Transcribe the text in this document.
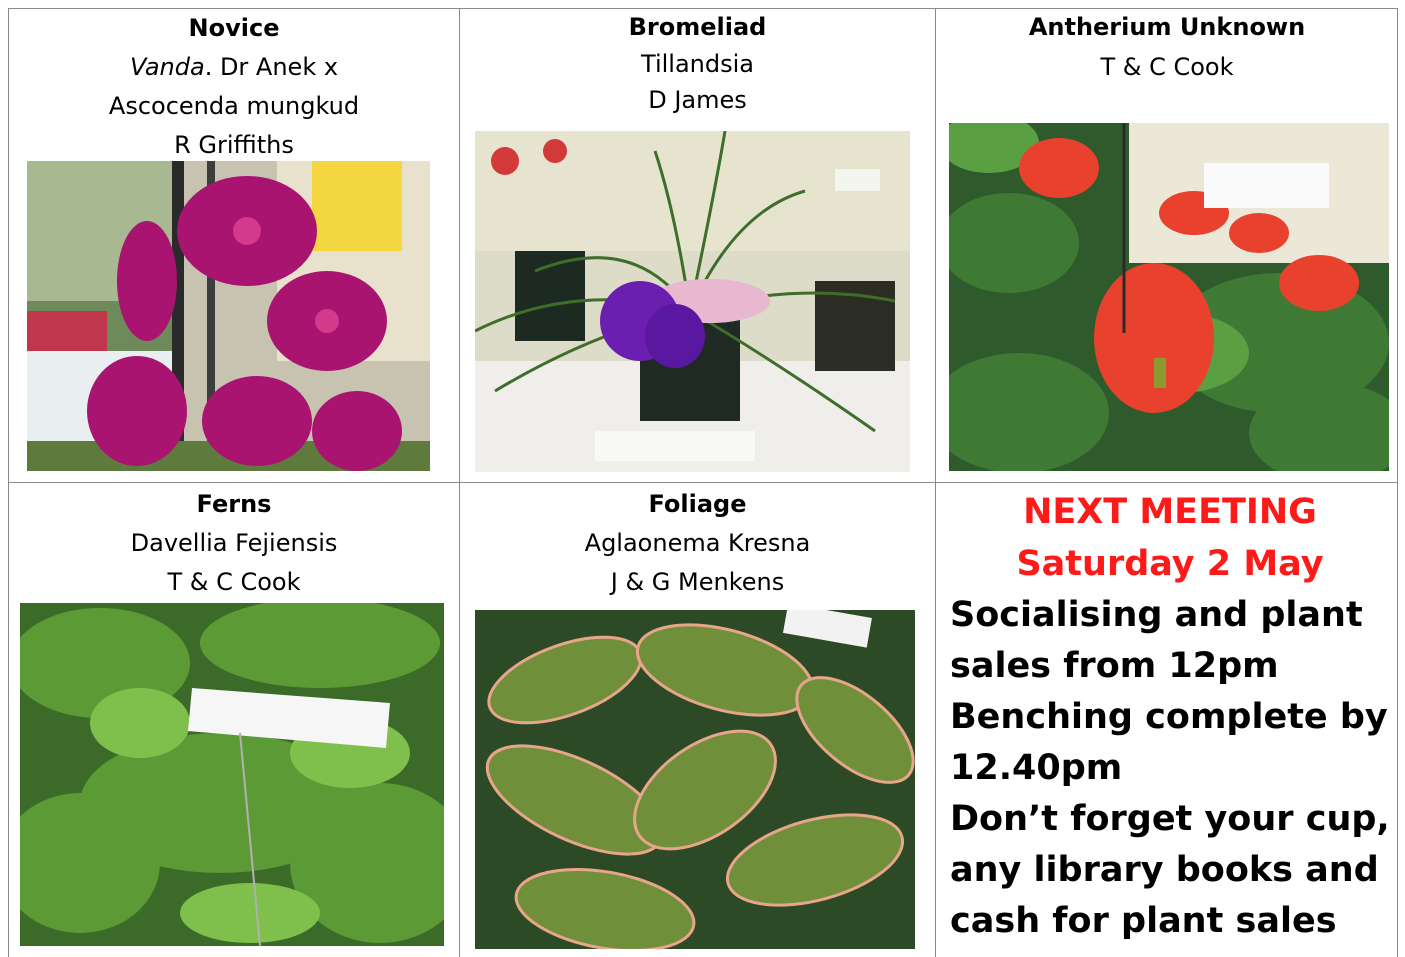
Novice
Vanda. Dr Anek x
Ascocenda mungkud
R Griffiths
Bromeliad
Tillandsia
D James
Antherium Unknown
T & C Cook
Ferns
Davellia Fejiensis
T & C Cook
Foliage
Aglaonema Kresna
J & G Menkens
NEXT MEETING
Saturday 2 May
Socialising and plant
sales from 12pm
Benching complete by
12.40pm
Don’t forget your cup,
any library books and
cash for plant sales
